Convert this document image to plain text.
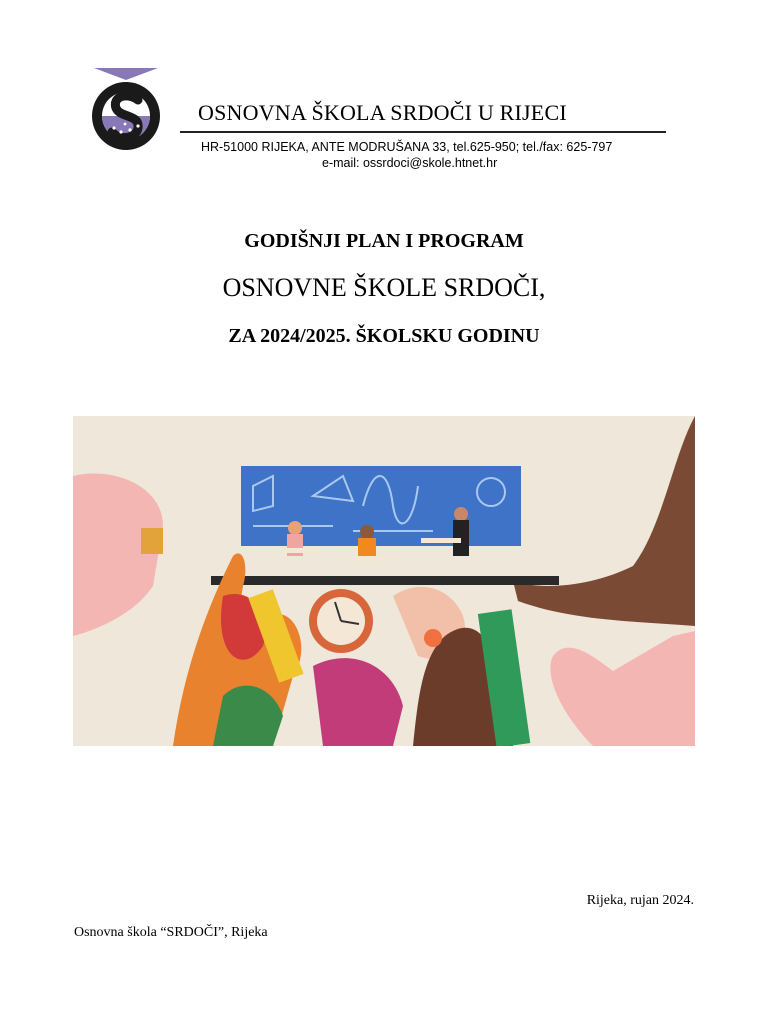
OSNOVNA ŠKOLA SRDOČI U RIJECI
HR-51000 RIJEKA, ANTE MODRUŠANA 33, tel.625-950; tel./fax: 625-797
e-mail: ossrdoci@skole.htnet.hr
GODIŠNJI PLAN I PROGRAM
OSNOVNE ŠKOLE SRDOČI,
ZA 2024/2025. ŠKOLSKU GODINU
Rijeka, rujan 2024.
Osnovna škola “SRDOČI”, Rijeka
